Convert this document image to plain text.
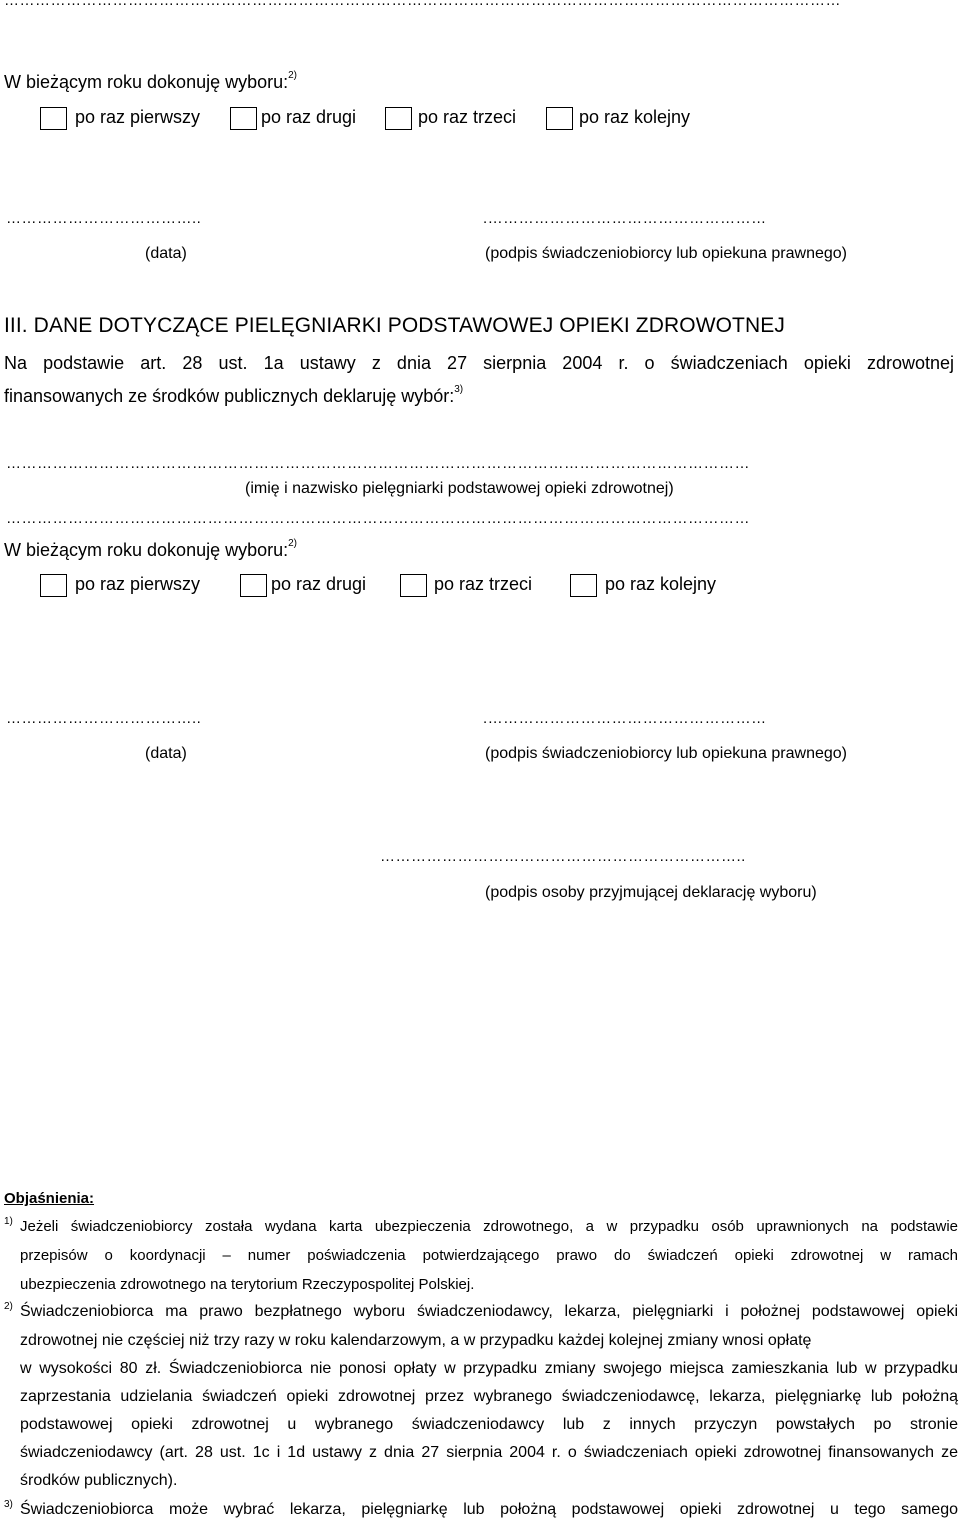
………………………………………………………………………………………………………………………………………………
W bieżącym roku dokonuję wyboru:$^{2)}$
po raz pierwszy	po raz drugi	po raz trzeci	po raz kolejny
………………………………..	.………………………………………………
(data)	(podpis świadczeniobiorcy lub opiekuna prawnego)
III. DANE DOTYCZĄCE PIELĘGNIARKI PODSTAWOWEJ OPIEKI ZDROWOTNEJ
Na podstawie art. 28 ust. 1a ustawy z dnia 27 sierpnia 2004 r. o świadczeniach opieki zdrowotnej
finansowanych ze środków publicznych deklaruję wybór:$^{3)}$
………………………………………………………………………………………………………………………………
(imię i nazwisko pielęgniarki podstawowej opieki zdrowotnej)
………………………………………………………………………………………………………………………………
W bieżącym roku dokonuję wyboru:$^{2)}$
po raz pierwszy	po raz drugi	po raz trzeci	po raz kolejny
………………………………..	.………………………………………………
(data)	(podpis świadczeniobiorcy lub opiekuna prawnego)
……………………………………………………………..
(podpis osoby przyjmującej deklarację wyboru)
Objaśnienia:
1) Jeżeli świadczeniobiorcy została wydana karta ubezpieczenia zdrowotnego, a w przypadku osób uprawnionych na podstawie
przepisów o koordynacji – numer poświadczenia potwierdzającego prawo do świadczeń opieki zdrowotnej w ramach
ubezpieczenia zdrowotnego na terytorium Rzeczypospolitej Polskiej.
2) Świadczeniobiorca ma prawo bezpłatnego wyboru świadczeniodawcy, lekarza, pielęgniarki i położnej podstawowej opieki
zdrowotnej nie częściej niż trzy razy w roku kalendarzowym, a w przypadku każdej kolejnej zmiany wnosi opłatę
w wysokości 80 zł. Świadczeniobiorca nie ponosi opłaty w przypadku zmiany swojego miejsca zamieszkania lub w przypadku
zaprzestania udzielania świadczeń opieki zdrowotnej przez wybranego świadczeniodawcę, lekarza, pielęgniarkę lub położną
podstawowej opieki zdrowotnej u wybranego świadczeniodawcy lub z innych przyczyn powstałych po stronie
świadczeniodawcy (art. 28 ust. 1c i 1d ustawy z dnia 27 sierpnia 2004 r. o świadczeniach opieki zdrowotnej finansowanych ze
środków publicznych).
3) Świadczeniobiorca może wybrać lekarza, pielęgniarkę lub położną podstawowej opieki zdrowotnej u tego samego
